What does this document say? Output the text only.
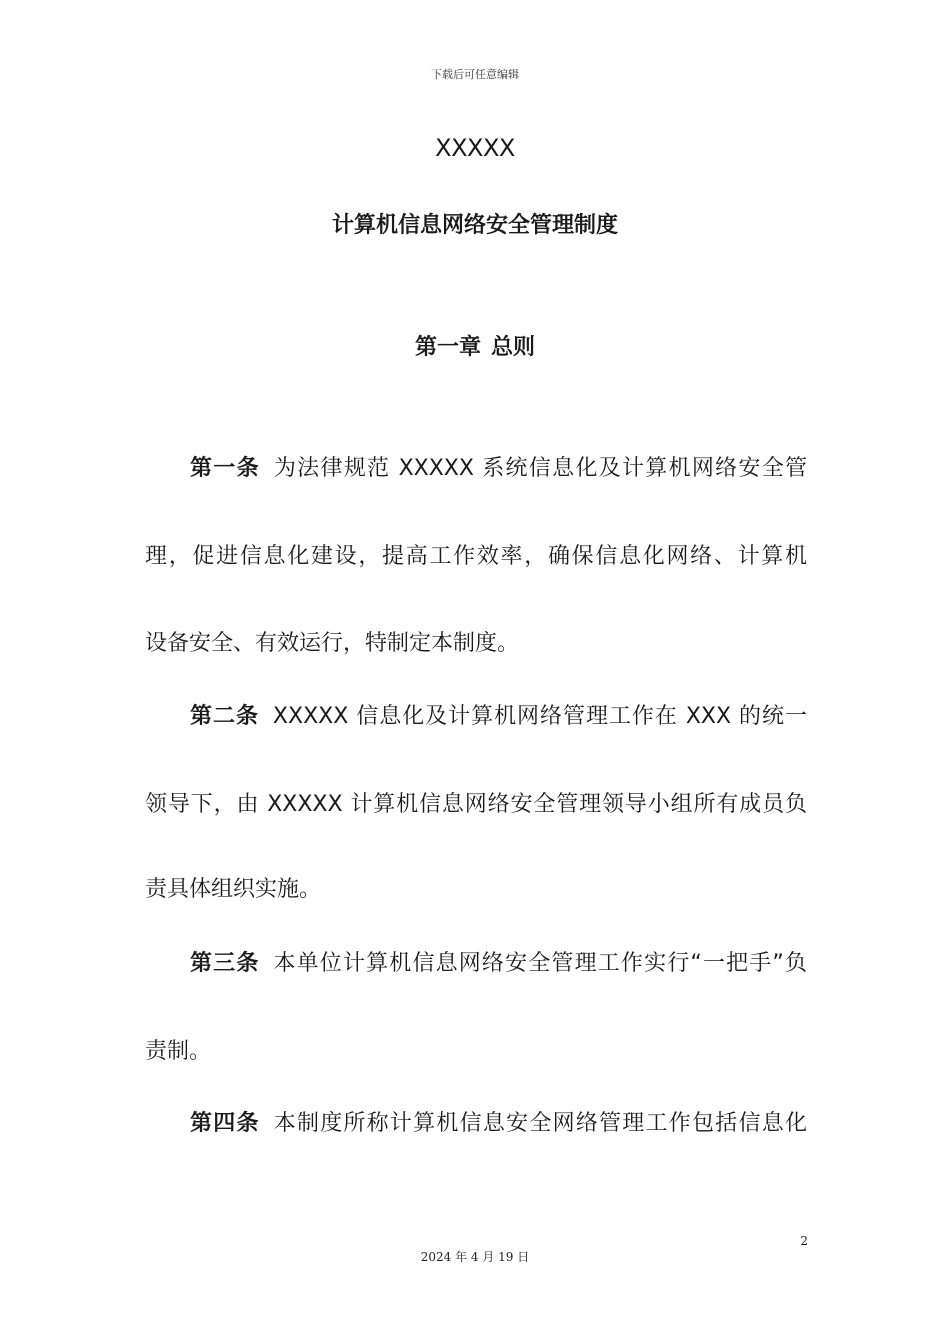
下载后可任意编辑
XXXXX
计算机信息网络安全管理制度
第一章 总则
第一条 为法律规范 XXXXX 系统信息化及计算机网络安全管
理，促进信息化建设，提高工作效率，确保信息化网络、计算机
设备安全、有效运行，特制定本制度。
第二条 XXXXX 信息化及计算机网络管理工作在 XXX 的统一
领导下，由 XXXXX 计算机信息网络安全管理领导小组所有成员负
责具体组织实施。
第三条 本单位计算机信息网络安全管理工作实行“一把手”负
责制。
第四条 本制度所称计算机信息安全网络管理工作包括信息化
2
2024 年 4 月 19 日
